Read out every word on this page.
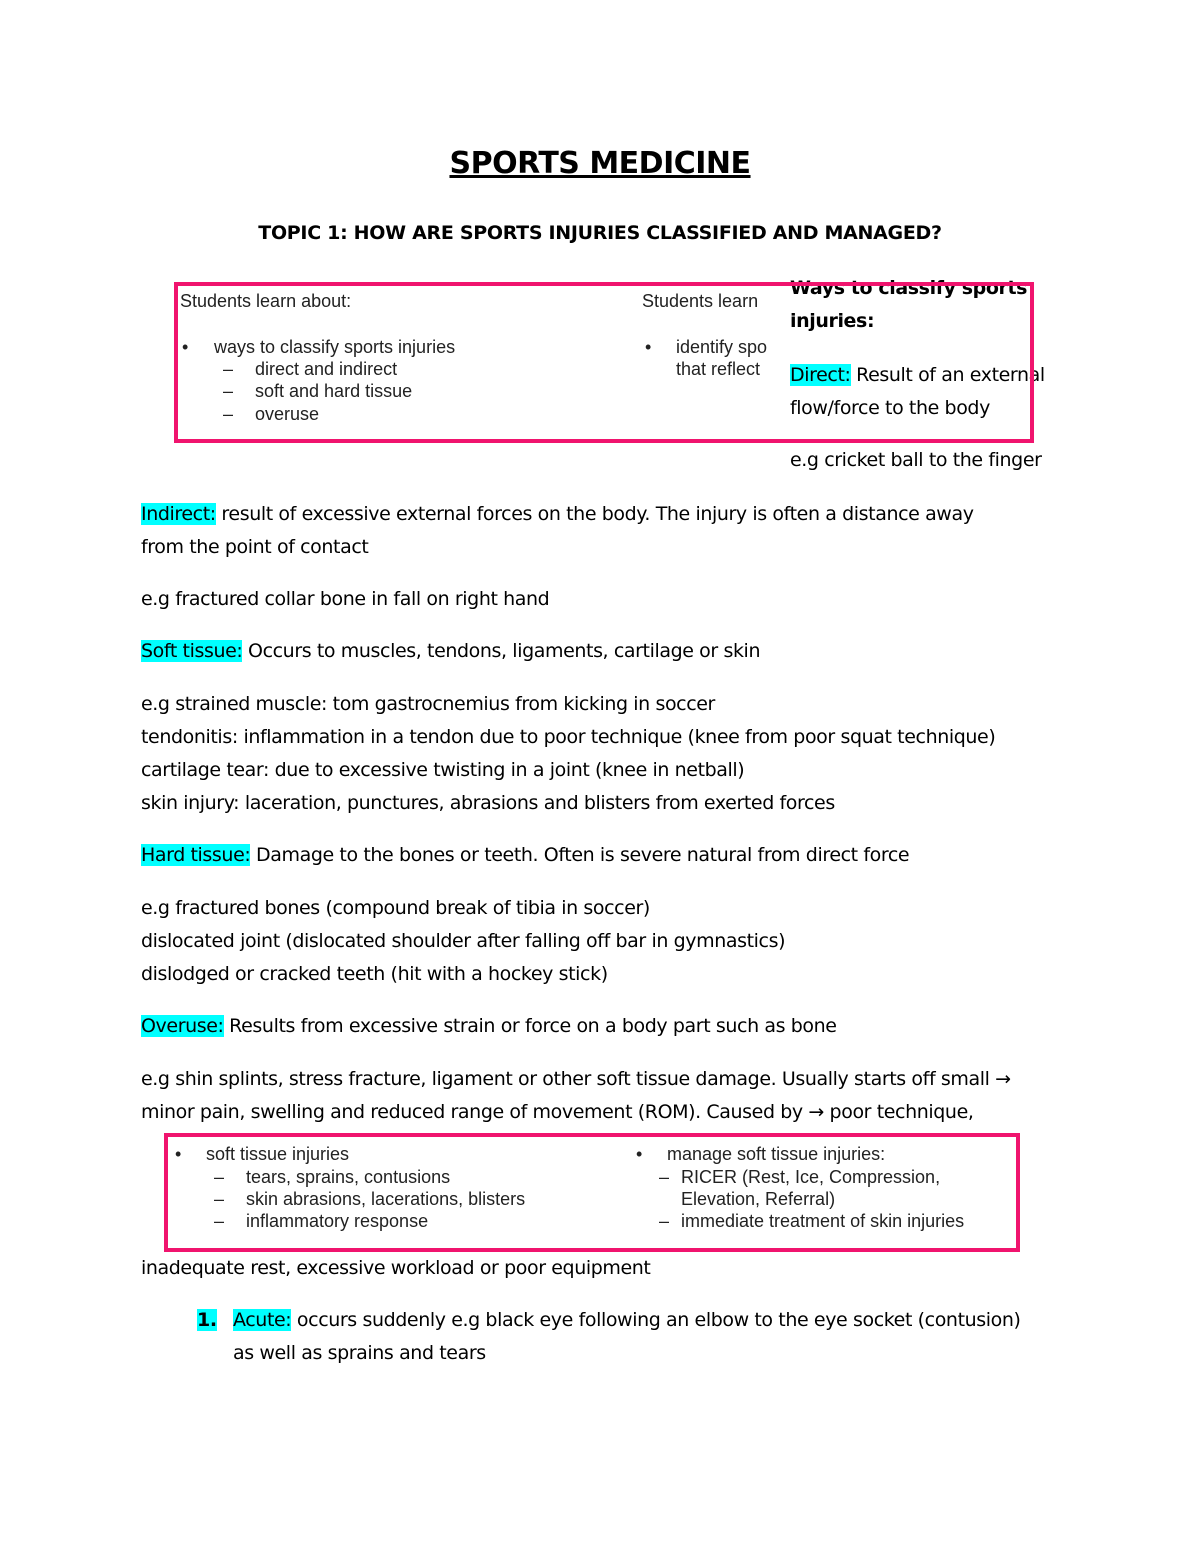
SPORTS MEDICINE
TOPIC 1: HOW ARE SPORTS INJURIES CLASSIFIED AND MANAGED?
Students learn about:
• ways to classify sports injuries
– direct and indirect
– soft and hard tissue
– overuse
Students learn
• identify spo
that reflect
Ways to classify sports
injuries:
Direct: Result of an external
flow/force to the body
e.g cricket ball to the finger
Indirect: result of excessive external forces on the body. The injury is often a distance away
from the point of contact
e.g fractured collar bone in fall on right hand
Soft tissue: Occurs to muscles, tendons, ligaments, cartilage or skin
e.g strained muscle: tom gastrocnemius from kicking in soccer
tendonitis: inflammation in a tendon due to poor technique (knee from poor squat technique)
cartilage tear: due to excessive twisting in a joint (knee in netball)
skin injury: laceration, punctures, abrasions and blisters from exerted forces
Hard tissue: Damage to the bones or teeth. Often is severe natural from direct force
e.g fractured bones (compound break of tibia in soccer)
dislocated joint (dislocated shoulder after falling off bar in gymnastics)
dislodged or cracked teeth (hit with a hockey stick)
Overuse: Results from excessive strain or force on a body part such as bone
e.g shin splints, stress fracture, ligament or other soft tissue damage. Usually starts off small →
minor pain, swelling and reduced range of movement (ROM). Caused by → poor technique,
• soft tissue injuries
– tears, sprains, contusions
– skin abrasions, lacerations, blisters
– inflammatory response
• manage soft tissue injuries:
– RICER (Rest, Ice, Compression,
Elevation, Referral)
– immediate treatment of skin injuries
inadequate rest, excessive workload or poor equipment
1. Acute: occurs suddenly e.g black eye following an elbow to the eye socket (contusion)
as well as sprains and tears
